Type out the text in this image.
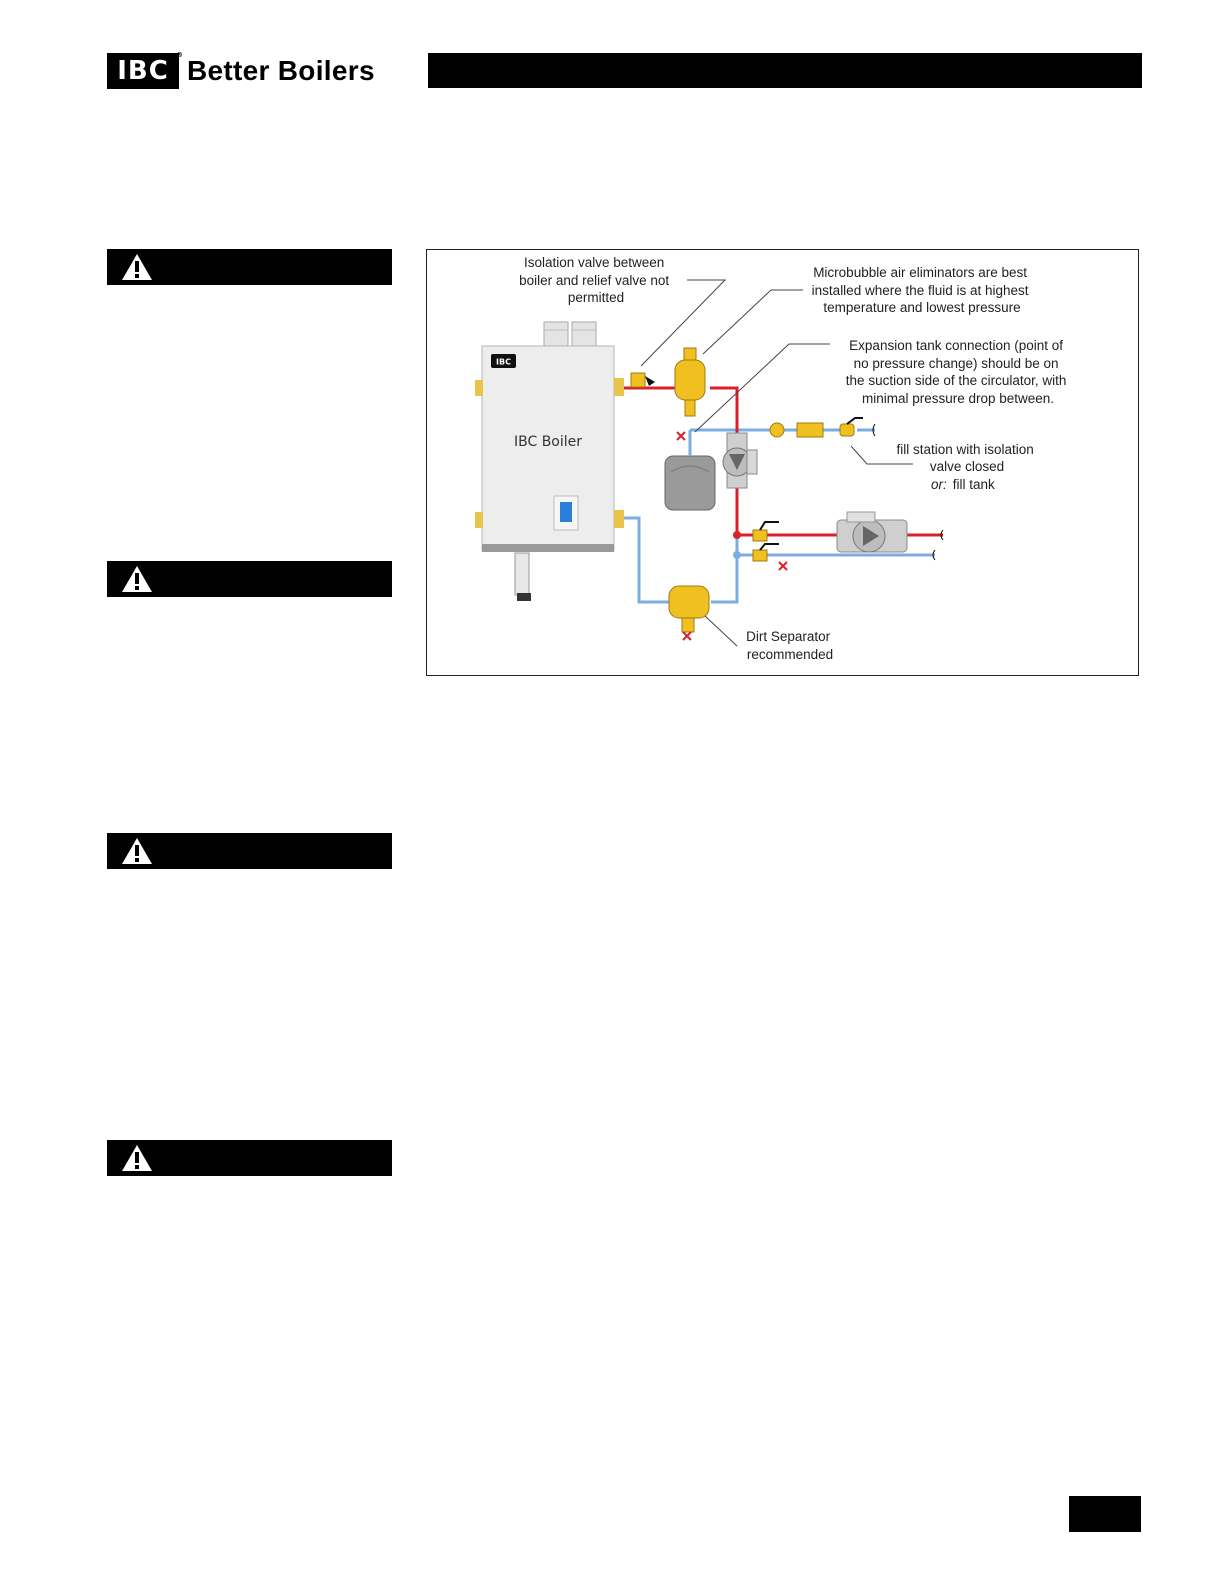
IBC
® Better Boilers
IBC
IBC Boiler
Isolation valve between boiler and relief valve not permitted
Microbubble air eliminators are best installed where the fluid is at highest temperature and lowest pressure
Expansion tank connection (point of no pressure change) should be on the suction side of the circulator, with minimal pressure drop between.
fill station with isolation valve closed
or: fill tank
Dirt Separator recommended
